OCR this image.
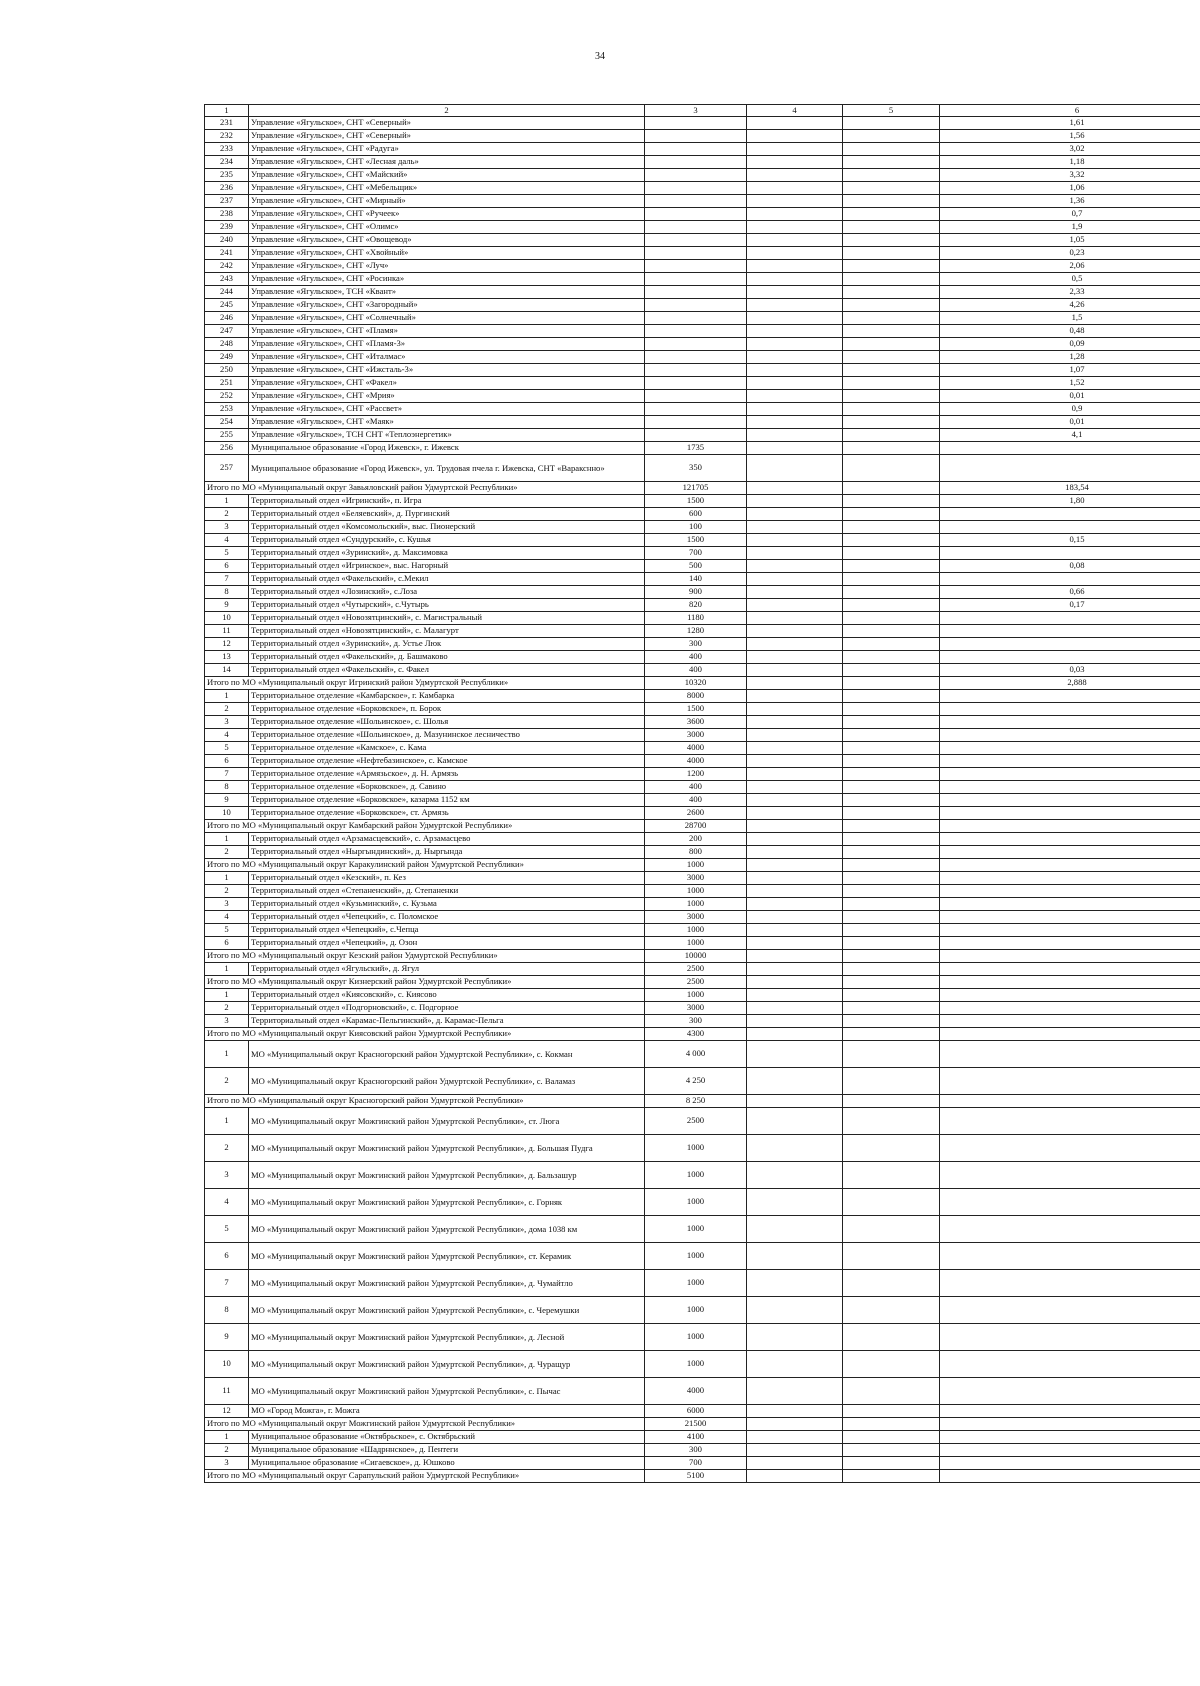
34
1	2	3	4	5	6
231	Управление «Ягульское», СНТ «Северный»				1,61
232	Управление «Ягульское», СНТ «Северный»				1,56
233	Управление «Ягульское», СНТ «Радуга»				3,02
234	Управление «Ягульское», СНТ «Лесная даль»				1,18
235	Управление «Ягульское», СНТ «Майский»				3,32
236	Управление «Ягульское», СНТ «Мебельщик»				1,06
237	Управление «Ягульское», СНТ «Мирный»				1,36
238	Управление «Ягульское», СНТ «Ручеек»				0,7
239	Управление «Ягульское», СНТ «Олимс»				1,9
240	Управление «Ягульское», СНТ «Овощевод»				1,05
241	Управление «Ягульское», СНТ «Хвойный»				0,23
242	Управление «Ягульское», СНТ «Луч»				2,06
243	Управление «Ягульское», СНТ «Росинка»				0,5
244	Управление «Ягульское», ТСН «Квант»				2,33
245	Управление «Ягульское», СНТ «Загородный»				4,26
246	Управление «Ягульское», СНТ «Солнечный»				1,5
247	Управление «Ягульское», СНТ «Пламя»				0,48
248	Управление «Ягульское», СНТ «Пламя-3»				0,09
249	Управление «Ягульское», СНТ «Италмас»				1,28
250	Управление «Ягульское», СНТ «Ижсталь-3»				1,07
251	Управление «Ягульское», СНТ «Факел»				1,52
252	Управление «Ягульское», СНТ «Мрия»				0,01
253	Управление «Ягульское», СНТ «Рассвет»				0,9
254	Управление «Ягульское», СНТ «Маяк»				0,01
255	Управление «Ягульское», ТСН СНТ «Теплоэнергетик»				4,1
256	Муниципальное образование «Город Ижевск», г. Ижевск	1735			
257	Муниципальное образование «Город Ижевск», ул. Трудовая пчела г. Ижевска, СНТ «Варакснно»	350			
Итого по МО «Муниципальный округ Завьяловский район Удмуртской Республики»		121705			183,54
1	Территориальный отдел «Игринский», п. Игра	1500			1,80
2	Территориальный отдел «Беляевский», д. Пургинский	600			
3	Территориальный отдел «Комсомольский», выс. Пионерский	100			
4	Территориальный отдел «Сундурский», с. Кушья	1500			0,15
5	Территориальный отдел «Зуринский», д. Максимовка	700			
6	Территориальный отдел «Игринское», выс. Нагорный	500			0,08
7	Территориальный отдел «Факельский», с.Мекил	140			
8	Территориальный отдел «Лозинский», с.Лоза	900			0,66
9	Территориальный отдел «Чутырский», с.Чутырь	820			0,17
10	Территориальный отдел «Новозятцинский», с. Магистральный	1180			
11	Территориальный отдел «Новозятцинский», с. Малагурт	1280			
12	Территориальный отдел «Зуринский», д. Устье Люк	300			
13	Территориальный отдел «Факельский», д. Башмаково	400			
14	Территориальный отдел «Факельский», с. Факел	400			0,03
Итого по МО «Муниципальный округ Игринский район Удмуртской Республики»		10320			2,888
1	Территориальное отделение «Камбарское», г. Камбарка	8000			
2	Территориальное отделение «Борковское», п. Борок	1500			
3	Территориальное отделение «Шольинское», с. Шолья	3600			
4	Территориальное отделение «Шольинское», д. Мазунинское лесничество	3000			
5	Территориальное отделение «Камское», с. Кама	4000			
6	Территориальное отделение «Нефтебазинское», с. Камское	4000			
7	Территориальное отделение «Армязьское», д. Н. Армязь	1200			
8	Территориальное отделение «Борковское», д. Савино	400			
9	Территориальное отделение «Борковское», казарма 1152 км	400			
10	Территориальное отделение «Борковское», ст. Армязь	2600			
Итого по МО «Муниципальный округ Камбарский район Удмуртской Республики»		28700			
1	Территориальный отдел «Арзамасцевский», с. Арзамасцево	200			
2	Территориальный отдел «Ныргындинский», д. Ныргында	800			
Итого по МО «Муниципальный округ Каракулинский район Удмуртской Республики»		1000			
1	Территориальный отдел «Кезский», п. Кез	3000			
2	Территориальный отдел «Степаненский», д. Степаненки	1000			
3	Территориальный отдел «Кузьминский», с. Кузьма	1000			
4	Территориальный отдел «Чепецкий», с. Поломское	3000			
5	Территориальный отдел «Чепецкий», с.Чепца	1000			
6	Территориальный отдел «Чепецкий», д. Озон	1000			
Итого по МО «Муниципальный округ Кезский район Удмуртской Республики»		10000			
1	Территориальный отдел «Ягульский», д. Ягул	2500			
Итого по МО «Муниципальный округ Кизнерский район Удмуртской Республики»		2500			
1	Территориальный отдел «Киясовский», с. Киясово	1000			
2	Территориальный отдел «Подгорновский», с. Подгорное	3000			
3	Территориальный отдел «Карамас-Пельгинский», д. Карамас-Пельга	300			
Итого по МО «Муниципальный округ Киясовский район Удмуртской Республики»		4300			
1	МО «Муниципальный округ Красногорский район Удмуртской Республики», с. Кокман	4 000			
2	МО «Муниципальный округ Красногорский район Удмуртской Республики», с. Валамаз	4 250			
Итого по МО «Муниципальный округ Красногорский район Удмуртской Республики»		8 250			
1	МО «Муниципальный округ Можгинский район Удмуртской Республики», ст. Люга	2500			
2	МО «Муниципальный округ Можгинский район Удмуртской Республики», д. Большая Пудга	1000			
3	МО «Муниципальный округ Можгинский район Удмуртской Республики», д. Бальзашур	1000			
4	МО «Муниципальный округ Можгинский район Удмуртской Республики», с. Горняк	1000			
5	МО «Муниципальный округ Можгинский район Удмуртской Республики», дома 1038 км	1000			
6	МО «Муниципальный округ Можгинский район Удмуртской Республики», ст. Керамик	1000			
7	МО «Муниципальный округ Можгинский район Удмуртской Республики», д. Чумайтло	1000			
8	МО «Муниципальный округ Можгинский район Удмуртской Республики», с. Черемушки	1000			
9	МО «Муниципальный округ Можгинский район Удмуртской Республики», д. Лесной	1000			
10	МО «Муниципальный округ Можгинский район Удмуртской Республики», д. Чуращур	1000			
11	МО «Муниципальный округ Можгинский район Удмуртской Республики», с. Пычас	4000			
12	МО «Город Можга», г. Можга	6000			
Итого по МО «Муниципальный округ Можгинский район Удмуртской Республики»		21500			
1	Муниципальное образование «Октябрьское», с. Октябрьский	4100			
2	Муниципальное образование «Шадрннское», д. Пентеги	300			
3	Муниципальное образование «Сигаевское», д. Юшково	700			
Итого по МО «Муниципальный округ Сарапульский район Удмуртской Республики»		5100			
